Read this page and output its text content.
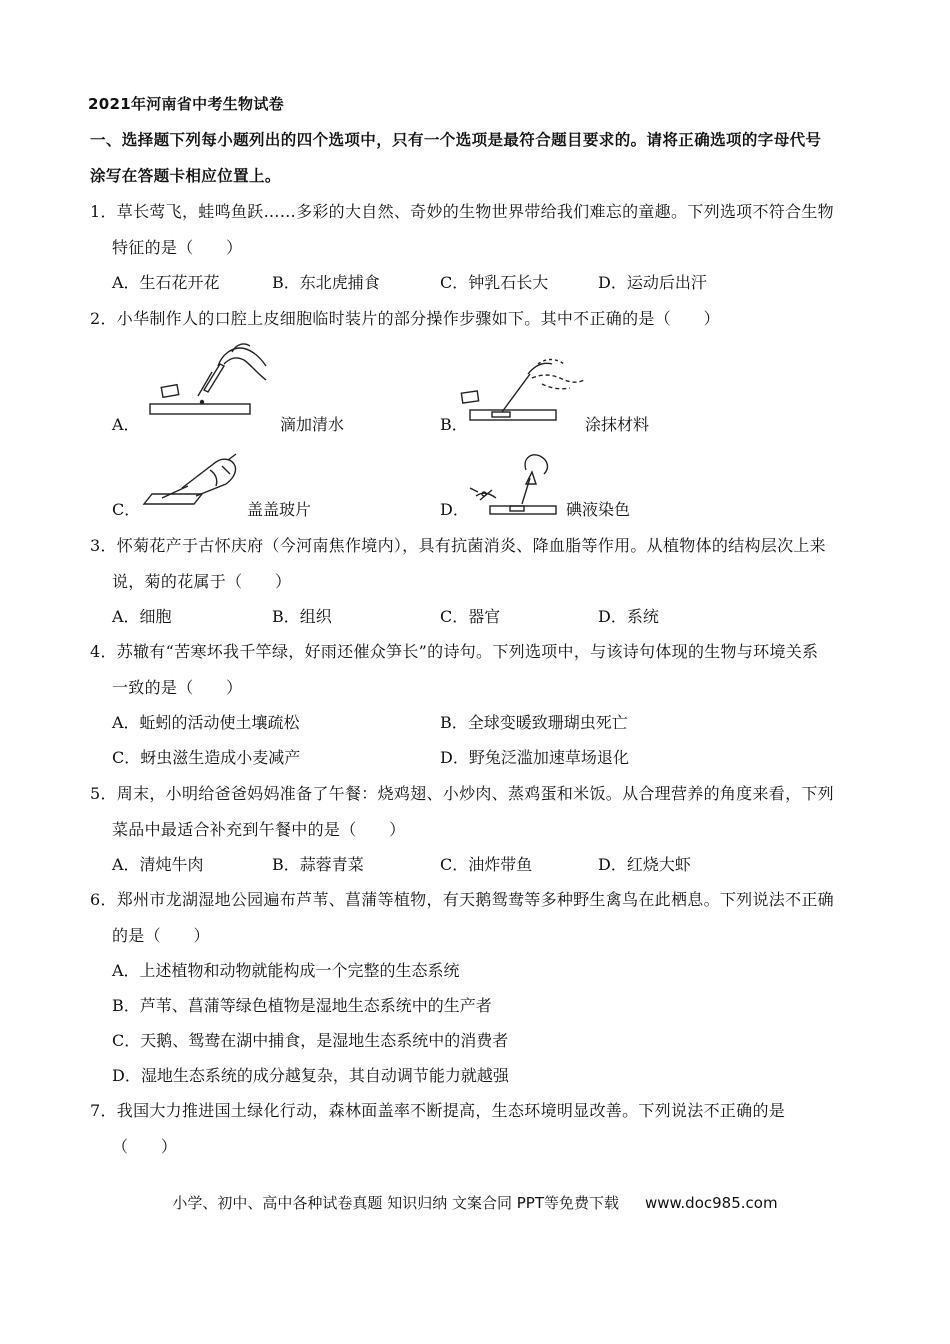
2021年河南省中考生物试卷
一、选择题下列每小题列出的四个选项中，只有一个选项是最符合题目要求的。请将正确选项的字母代号
涂写在答题卡相应位置上。
1．草长莺飞，蛙鸣鱼跃……多彩的大自然、奇妙的生物世界带给我们难忘的童趣。下列选项不符合生物
特征的是（　　）
A．生石花开花	B．东北虎捕食	C．钟乳石长大	D．运动后出汗
2．小华制作人的口腔上皮细胞临时装片的部分操作步骤如下。其中不正确的是（　　）
A．	滴加清水	B．	涂抹材料
C．	盖盖玻片	D．	碘液染色
3．怀菊花产于古怀庆府（今河南焦作境内），具有抗菌消炎、降血脂等作用。从植物体的结构层次上来
说，菊的花属于（　　）
A．细胞	B．组织	C．器官	D．系统
4．苏辙有“苦寒坏我千竿绿，好雨还催众笋长”的诗句。下列选项中，与该诗句体现的生物与环境关系
一致的是（　　）
A．蚯蚓的活动使土壤疏松	B．全球变暖致珊瑚虫死亡
C．蚜虫滋生造成小麦减产	D．野兔泛滥加速草场退化
5．周末，小明给爸爸妈妈准备了午餐：烧鸡翅、小炒肉、蒸鸡蛋和米饭。从合理营养的角度来看，下列
菜品中最适合补充到午餐中的是（　　）
A．清炖牛肉	B．蒜蓉青菜	C．油炸带鱼	D．红烧大虾
6．郑州市龙湖湿地公园遍布芦苇、菖蒲等植物，有天鹅鸳鸯等多种野生禽鸟在此栖息。下列说法不正确
的是（　　）
A．上述植物和动物就能构成一个完整的生态系统
B．芦苇、菖蒲等绿色植物是湿地生态系统中的生产者
C．天鹅、鸳鸯在湖中捕食，是湿地生态系统中的消费者
D．湿地生态系统的成分越复杂，其自动调节能力就越强
7．我国大力推进国土绿化行动，森林面盖率不断提高，生态环境明显改善。下列说法不正确的是
（　　）
小学、初中、高中各种试卷真题 知识归纳 文案合同 PPT等免费下载 www.doc985.com
